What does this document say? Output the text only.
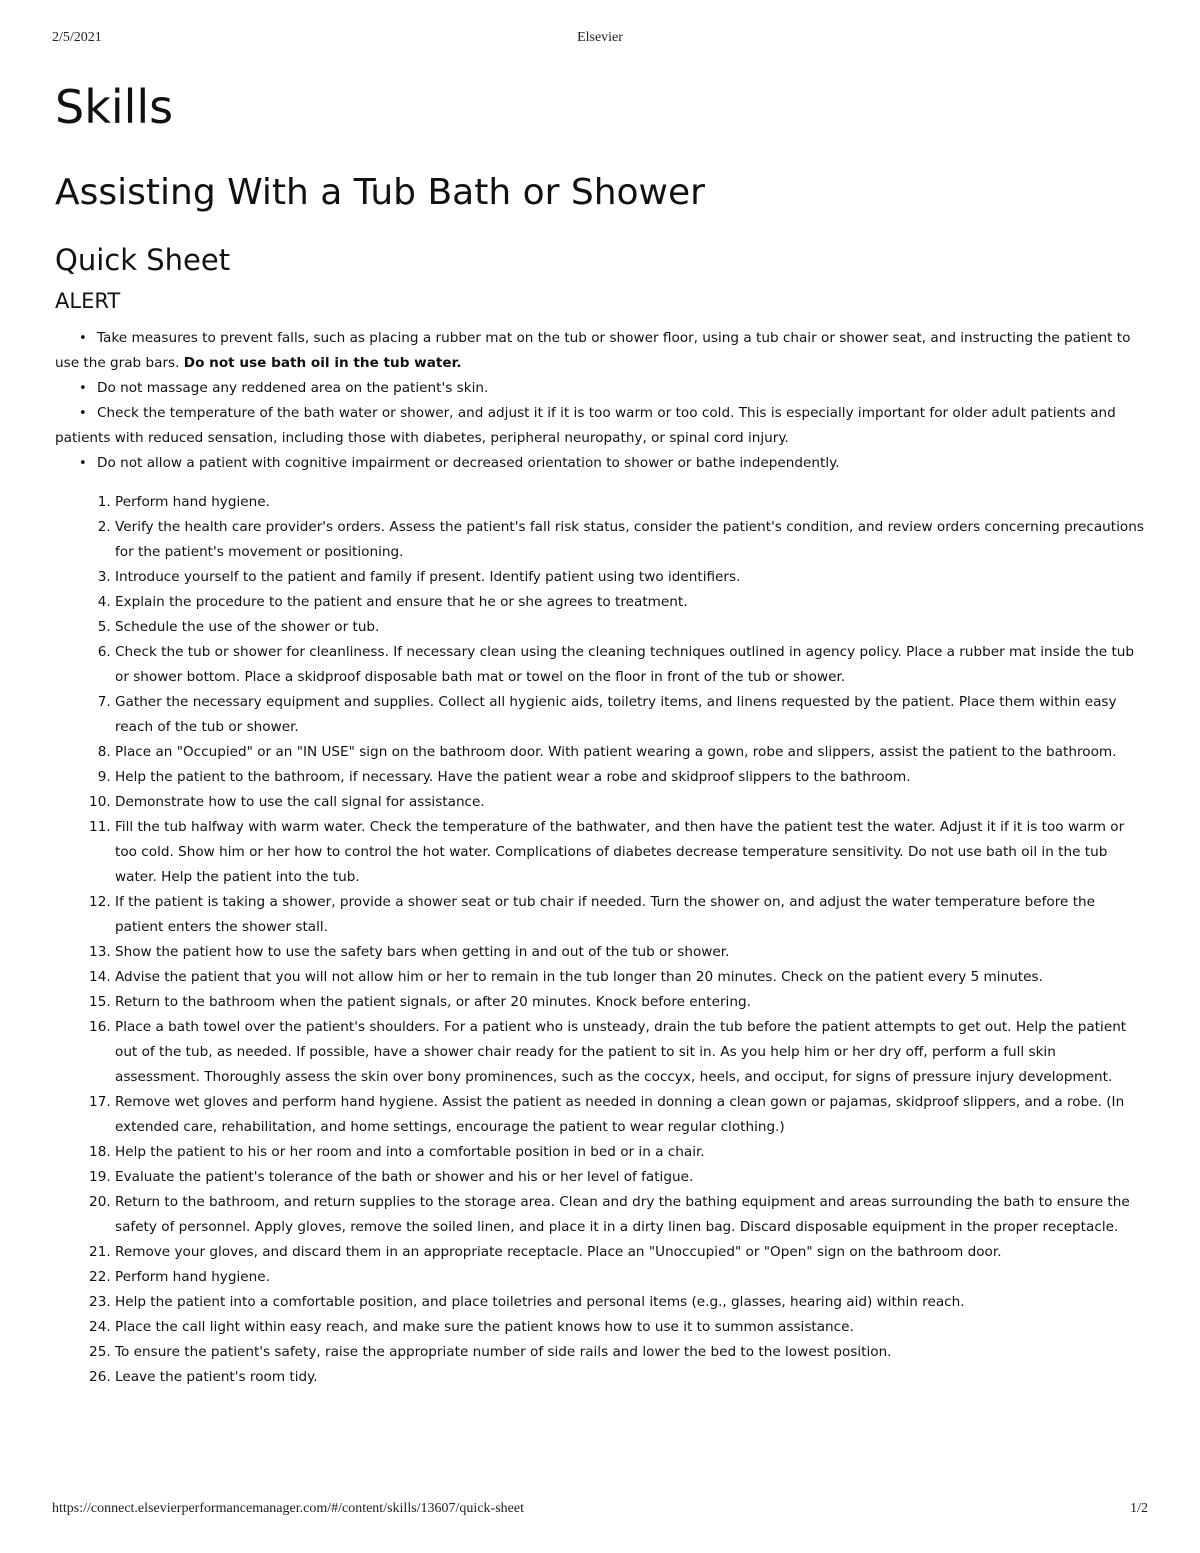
2/5/2021	Elsevier
Skills
Assisting With a Tub Bath or Shower
Quick Sheet
ALERT
• Take measures to prevent falls, such as placing a rubber mat on the tub or shower floor, using a tub chair or shower seat, and instructing the patient to use the grab bars. Do not use bath oil in the tub water.
• Do not massage any reddened area on the patient's skin.
• Check the temperature of the bath water or shower, and adjust it if it is too warm or too cold. This is especially important for older adult patients and patients with reduced sensation, including those with diabetes, peripheral neuropathy, or spinal cord injury.
• Do not allow a patient with cognitive impairment or decreased orientation to shower or bathe independently.
1. Perform hand hygiene.
2. Verify the health care provider's orders. Assess the patient's fall risk status, consider the patient's condition, and review orders concerning precautions for the patient's movement or positioning.
3. Introduce yourself to the patient and family if present. Identify patient using two identifiers.
4. Explain the procedure to the patient and ensure that he or she agrees to treatment.
5. Schedule the use of the shower or tub.
6. Check the tub or shower for cleanliness. If necessary clean using the cleaning techniques outlined in agency policy. Place a rubber mat inside the tub or shower bottom. Place a skidproof disposable bath mat or towel on the floor in front of the tub or shower.
7. Gather the necessary equipment and supplies. Collect all hygienic aids, toiletry items, and linens requested by the patient. Place them within easy reach of the tub or shower.
8. Place an "Occupied" or an "IN USE" sign on the bathroom door. With patient wearing a gown, robe and slippers, assist the patient to the bathroom.
9. Help the patient to the bathroom, if necessary. Have the patient wear a robe and skidproof slippers to the bathroom.
10. Demonstrate how to use the call signal for assistance.
11. Fill the tub halfway with warm water. Check the temperature of the bathwater, and then have the patient test the water. Adjust it if it is too warm or too cold. Show him or her how to control the hot water. Complications of diabetes decrease temperature sensitivity. Do not use bath oil in the tub water. Help the patient into the tub.
12. If the patient is taking a shower, provide a shower seat or tub chair if needed. Turn the shower on, and adjust the water temperature before the patient enters the shower stall.
13. Show the patient how to use the safety bars when getting in and out of the tub or shower.
14. Advise the patient that you will not allow him or her to remain in the tub longer than 20 minutes. Check on the patient every 5 minutes.
15. Return to the bathroom when the patient signals, or after 20 minutes. Knock before entering.
16. Place a bath towel over the patient's shoulders. For a patient who is unsteady, drain the tub before the patient attempts to get out. Help the patient out of the tub, as needed. If possible, have a shower chair ready for the patient to sit in. As you help him or her dry off, perform a full skin assessment. Thoroughly assess the skin over bony prominences, such as the coccyx, heels, and occiput, for signs of pressure injury development.
17. Remove wet gloves and perform hand hygiene. Assist the patient as needed in donning a clean gown or pajamas, skidproof slippers, and a robe. (In extended care, rehabilitation, and home settings, encourage the patient to wear regular clothing.)
18. Help the patient to his or her room and into a comfortable position in bed or in a chair.
19. Evaluate the patient's tolerance of the bath or shower and his or her level of fatigue.
20. Return to the bathroom, and return supplies to the storage area. Clean and dry the bathing equipment and areas surrounding the bath to ensure the safety of personnel. Apply gloves, remove the soiled linen, and place it in a dirty linen bag. Discard disposable equipment in the proper receptacle.
21. Remove your gloves, and discard them in an appropriate receptacle. Place an "Unoccupied" or "Open" sign on the bathroom door.
22. Perform hand hygiene.
23. Help the patient into a comfortable position, and place toiletries and personal items (e.g., glasses, hearing aid) within reach.
24. Place the call light within easy reach, and make sure the patient knows how to use it to summon assistance.
25. To ensure the patient's safety, raise the appropriate number of side rails and lower the bed to the lowest position.
26. Leave the patient's room tidy.
https://connect.elsevierperformancemanager.com/#/content/skills/13607/quick-sheet	1/2
